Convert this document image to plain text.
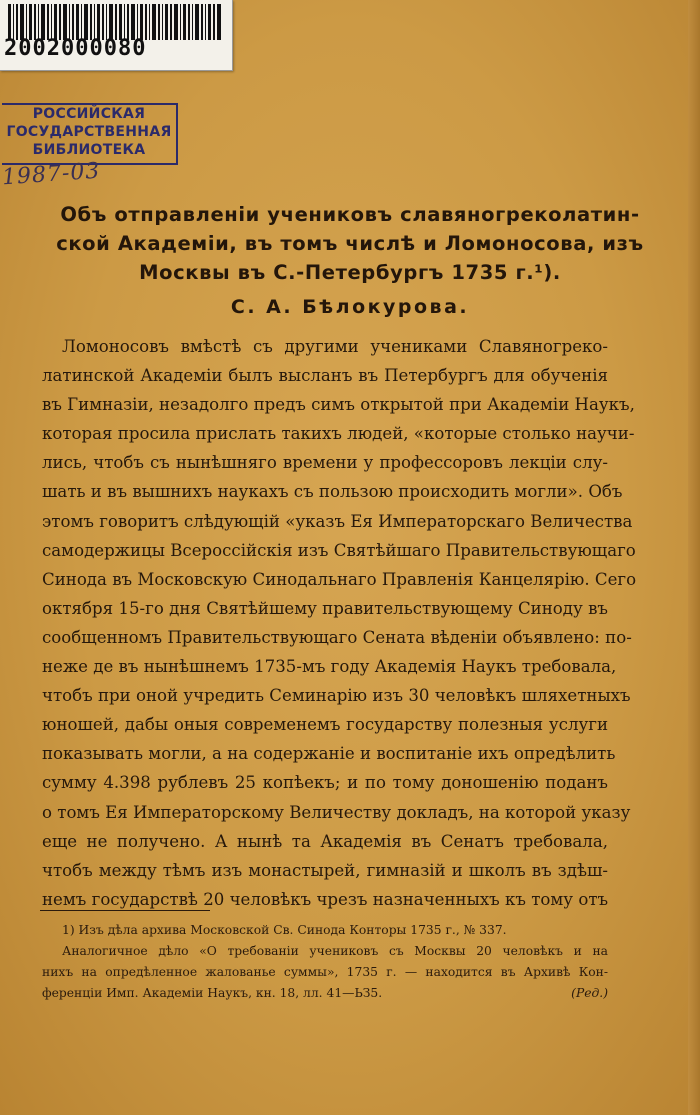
2002000080
РОССИЙСКАЯ
ГОСУДАРСТВЕННАЯ
БИБЛИОТЕКА
1987-03
Объ отправленіи учениковъ славяногреколатин-
ской Академіи, въ томъ числѣ и Ломоносова, изъ
Москвы въ С.-Петербургъ 1735 г.¹).
С. А. Бѣлокурова.
Ломоносовъ вмѣстѣ съ другими учениками Славяногреко-
латинской Академіи былъ высланъ въ Петербургъ для обученія
въ Гимназіи, незадолго предъ симъ открытой при Академіи Наукъ,
которая просила прислать такихъ людей, «которые столько научи-
лись, чтобъ съ нынѣшняго времени у профессоровъ лекціи слу-
шать и въ вышнихъ наукахъ съ пользою происходить могли». Объ
этомъ говоритъ слѣдующій «указъ Ея Императорскаго Величества
самодержицы Всероссійскія изъ Святѣйшаго Правительствующаго
Синода въ Московскую Синодальнаго Правленія Канцелярію. Сего
октября 15-го дня Святѣйшему правительствующему Синоду въ
сообщенномъ Правительствующаго Сената вѣденіи объявлено: по-
неже де въ нынѣшнемъ 1735-мъ году Академія Наукъ требовала,
чтобъ при оной учредить Семинарію изъ 30 человѣкъ шляхетныхъ
юношей, дабы оныя современемъ государству полезныя услуги
показывать могли, а на содержаніе и воспитаніе ихъ опредѣлить
сумму 4.398 рублевъ 25 копѣекъ; и по тому доношенію поданъ
о томъ Ея Императорскому Величеству докладъ, на которой указу
еще не получено. А нынѣ та Академія въ Сенатъ требовала,
чтобъ между тѣмъ изъ монастырей, гимназій и школъ въ здѣш-
немъ государствѣ 20 человѣкъ чрезъ назначенныхъ къ тому отъ
1) Изъ дѣла архива Московской Св. Синода Конторы 1735 г., № 337.
Аналогичное дѣло «О требованіи учениковъ съ Москвы 20 человѣкъ и на
нихъ на опредѣленное жалованье суммы», 1735 г. — находится въ Архивѣ Кон-
ференціи Имп. Академіи Наукъ, кн. 18, лл. 41—ЬЗ5.	(Ред.)
